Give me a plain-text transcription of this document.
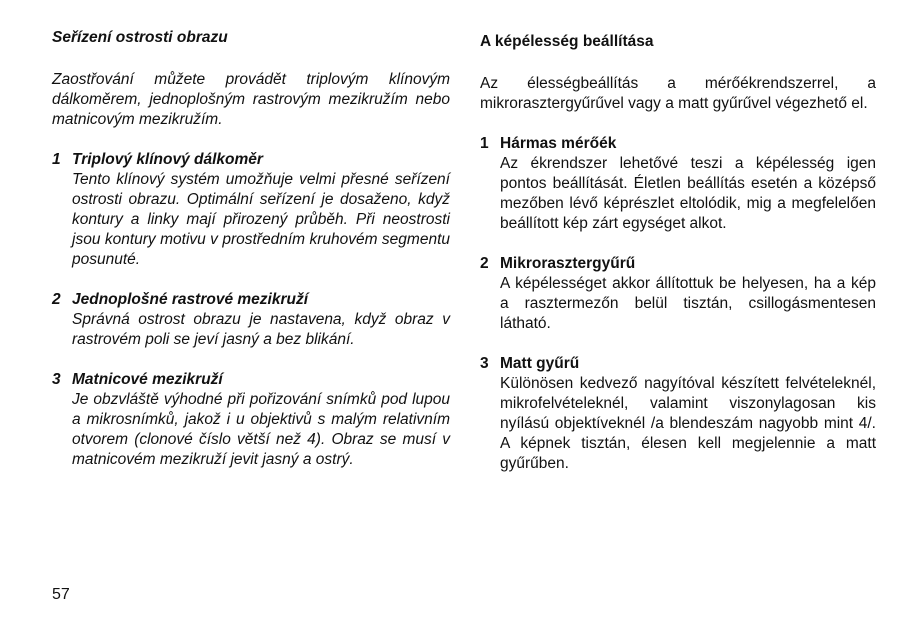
Seřízení ostrosti obrazu

Zaostřování můžete provádět triplovým klínovým dálkoměrem, jednoplošným rastrovým mezikružím nebo matnicovým mezikružím.

1 Triplový klínový dálkoměr

Tento klínový systém umožňuje velmi přesné seřízení ostrosti obrazu. Optimální seřízení je dosaženo, když kontury a linky mají přirozený průběh. Při neostrosti jsou kontury motivu v prostředním kruhovém segmentu posunuté.

2 Jednoplošné rastrové mezikruží

Správná ostrost obrazu je nastavena, když obraz v rastrovém poli se jeví jasný a bez blikání.

3 Matnicové mezikruží

Je obzvláště výhodné při pořizování snímků pod lupou a mikrosnímků, jakož i u objektivů s malým relativním otvorem (clonové číslo větší než 4). Obraz se musí v matnicovém mezikruží jevit jasný a ostrý.

A képélesség beállítása

Az élességbeállítás a mérőékrendszerrel, a mikrorasztergyűrűvel vagy a matt gyűrűvel végezhető el.

1 Hármas mérőék

Az ékrendszer lehetővé teszi a képélesség igen pontos beállítását. Életlen beállítás esetén a középső mezőben lévő képrészlet eltolódik, mig a megfelelően beállított kép zárt egységet alkot.

2 Mikrorasztergyűrű

A képélességet akkor állítottuk be helyesen, ha a kép a rasztermezőn belül tisztán, csillogásmentesen látható.

3 Matt gyűrű

Különösen kedvező nagyítóval készített felvételeknél, mikrofelvételeknél, valamint viszonylagosan kis nyílású objektíveknél /a blendeszám nagyobb mint 4/. A képnek tisztán, élesen kell megjelennie a matt gyűrűben.

57
